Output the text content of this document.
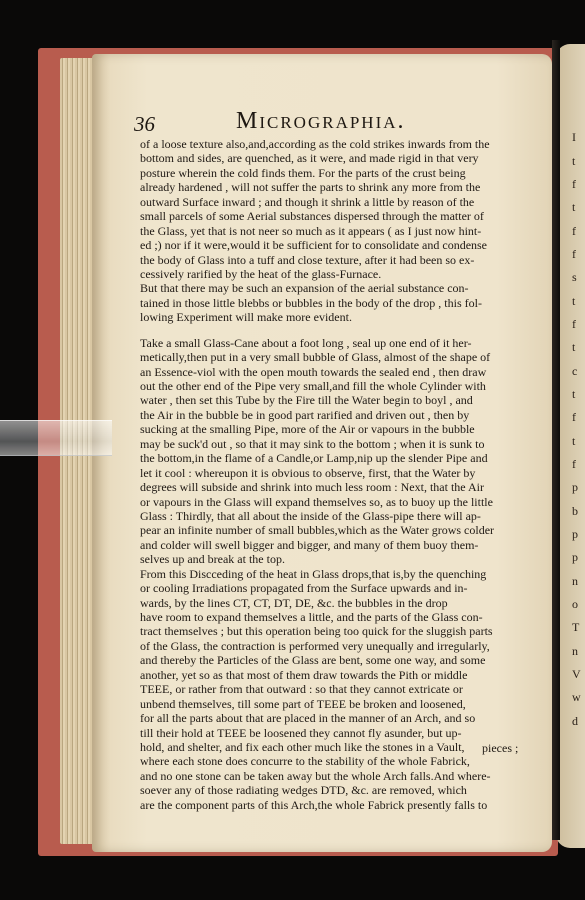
I
t
f
t
f
f
s
t
f
t
c
t
f
t
f
p
b
p
p
n
o
T
n
V
w
d
36	Micrographia.
of a loose texture also,and,according as the cold strikes inwards from the
bottom and sides, are quenched, as it were, and made rigid in that very
posture wherein the cold finds them. For the parts of the crust being
already hardened , will not suffer the parts to shrink any more from the
outward Surface inward ; and though it shrink a little by reason of the
small parcels of some Aerial substances dispersed through the matter of
the Glass, yet that is not neer so much as it appears ( as I just now hint-
ed ;) nor if it were,would it be sufficient for to consolidate and condense
the body of Glass into a tuff and close texture, after it had been so ex-
cessively rarified by the heat of the glass-Furnace.
But that there may be such an expansion of the aerial substance con-
tained in those little blebbs or bubbles in the body of the drop , this fol-
lowing Experiment will make more evident.
Take a small Glass-Cane about a foot long , seal up one end of it her-
metically,then put in a very small bubble of Glass, almost of the shape of
an Essence-viol with the open mouth towards the sealed end , then draw
out the other end of the Pipe very small,and fill the whole Cylinder with
water , then set this Tube by the Fire till the Water begin to boyl , and
the Air in the bubble be in good part rarified and driven out , then by
sucking at the smalling Pipe, more of the Air or vapours in the bubble
may be suck'd out , so that it may sink to the bottom ; when it is sunk to
the bottom,in the flame of a Candle,or Lamp,nip up the slender Pipe and
let it cool : whereupon it is obvious to observe, first, that the Water by
degrees will subside and shrink into much less room : Next, that the Air
or vapours in the Glass will expand themselves so, as to buoy up the little
Glass : Thirdly, that all about the inside of the Glass-pipe there will ap-
pear an infinite number of small bubbles,which as the Water grows colder
and colder will swell bigger and bigger, and many of them buoy them-
selves up and break at the top.
From this Discceding of the heat in Glass drops,that is,by the quenching
or cooling Irradiations propagated from the Surface upwards and in-
wards, by the lines CT, CT, DT, DE, &c. the bubbles in the drop
have room to expand themselves a little, and the parts of the Glass con-
tract themselves ; but this operation being too quick for the sluggish parts
of the Glass, the contraction is performed very unequally and irregularly,
and thereby the Particles of the Glass are bent, some one way, and some
another, yet so as that most of them draw towards the Pith or middle
TEEE, or rather from that outward : so that they cannot extricate or
unbend themselves, till some part of TEEE be broken and loosened,
for all the parts about that are placed in the manner of an Arch, and so
till their hold at TEEE be loosened they cannot fly asunder, but up-
hold, and shelter, and fix each other much like the stones in a Vault,
where each stone does concurre to the stability of the whole Fabrick,
and no one stone can be taken away but the whole Arch falls.And where-
soever any of those radiating wedges DTD, &c. are removed, which
are the component parts of this Arch,the whole Fabrick presently falls to
pieces ;
